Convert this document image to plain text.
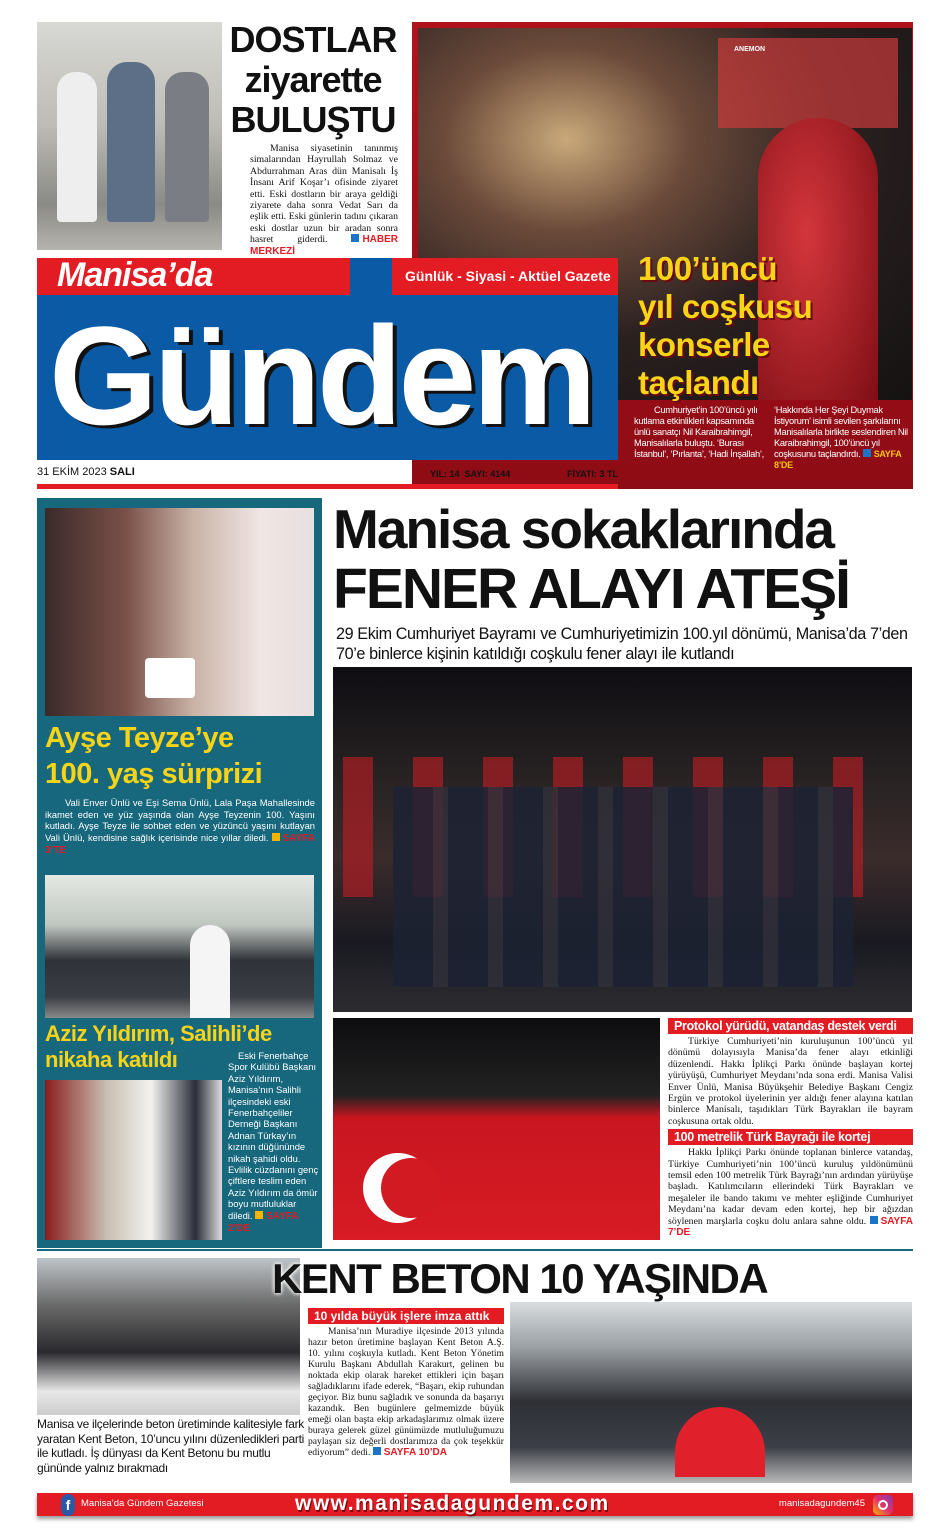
DOSTLAR
ziyarette
BULUŞTU
Manisa siyasetinin tanınmış simalarından Hayrullah Solmaz ve Abdurrahman Aras dün Manisalı İş İnsanı Arif Koşar’ı ofisinde ziyaret etti. Eski dostların bir araya geldiği ziyarete daha sonra Vedat Sarı da eşlik etti. Eski günlerin tadını çıkaran eski dostlar uzun bir aradan sonra hasret giderdi.	HABER MERKEZİ
ANEMON
100’üncü
yıl coşkusu
konserle
taçlandı
Cumhuriyet’in 100’üncü yılı kutlama etkinlikleri kapsamında ünlü sanatçı Nil Karaibrahimgil, Manisalılarla buluştu. ‘Burası İstanbul’, ‘Pırlanta’, ‘Hadi İnşallah’,
‘Hakkında Her Şeyi Duymak İstiyorum’ isimli sevilen şarkılarını Manisalılarla birlikte seslendiren Nil Karaibrahimgil, 100’üncü yıl coşkusunu taçlandırdı. SAYFA 8’DE
Manisa’da	Günlük - Siyasi - Aktüel Gazete
Gündem
31 EKİM 2023 SALI	YIL: 14  SAYI: 4144	FİYATI: 3 TL
Ayşe Teyze’ye
100. yaş sürprizi
Vali Enver Ünlü ve Eşi Sema Ünlü, Lala Paşa Mahallesinde ikamet eden ve yüz yaşında olan Ayşe Teyzenin 100. Yaşını kutladı. Ayşe Teyze ile sohbet eden ve yüzüncü yaşını kutlayan Vali Ünlü, kendisine sağlık içerisinde nice yıllar diledi. SAYFA 3’TE
Aziz Yıldırım, Salihli’de
nikaha katıldı	Eski Fenerbahçe Spor Kulübü Başkanı Aziz Yıldırım, Manisa’nın Salihli ilçesindeki eski Fenerbahçeliler Derneği Başkanı Adnan Türkay’ın kızının düğününde nikah şahidi oldu. Evlilik cüzdanını genç çiftlere teslim eden Aziz Yıldırım da ömür boyu mutluluklar diledi. SAYFA 2’DE
Manisa sokaklarında
FENER ALAYI ATEŞİ
29 Ekim Cumhuriyet Bayramı ve Cumhuriyetimizin 100.yıl dönümü, Manisa’da 7’den 70’e binlerce kişinin katıldığı coşkulu fener alayı ile kutlandı
Protokol yürüdü, vatandaş destek verdi
Türkiye Cumhuriyeti’nin kuruluşunun 100’üncü yıl dönümü dolayısıyla Manisa’da fener alayı etkinliği düzenlendi. Hakkı İplikçi Parkı önünde başlayan kortej yürüyüşü, Cumhuriyet Meydanı’nda sona erdi. Manisa Valisi Enver Ünlü, Manisa Büyükşehir Belediye Başkanı Cengiz Ergün ve protokol üyelerinin yer aldığı fener alayına katılan binlerce Manisalı, taşıdıkları Türk Bayrakları ile bayram coşkusuna ortak oldu.
100 metrelik Türk Bayrağı ile kortej
Hakkı İplikçi Parkı önünde toplanan binlerce vatandaş, Türkiye Cumhuriyeti’nin 100’üncü kuruluş yıldönümünü temsil eden 100 metrelik Türk Bayrağı’nın ardından yürüyüşe başladı. Katılımcıların ellerindeki Türk Bayrakları ve meşaleler ile bando takımı ve mehter eşliğinde Cumhuriyet Meydanı’na kadar devam eden kortej, hep bir ağızdan söylenen marşlarla coşku dolu anlara sahne oldu. SAYFA 7’DE
KENT BETON 10 YAŞINDA
10 yılda büyük işlere imza attık
Manisa’nın Muradiye ilçesinde 2013 yılında hazır beton üretimine başlayan Kent Beton A.Ş. 10. yılını coşkuyla kutladı. Kent Beton Yönetim Kurulu Başkanı Abdullah Karakurt, gelinen bu noktada ekip olarak hareket ettikleri için başarı sağladıklarını ifade ederek, “Başarı, ekip ruhundan geçiyor. Biz bunu sağladık ve sonunda da başarıyı kazandık. Ben bugünlere gelmemizde büyük emeği olan başta ekip arkadaşlarımız olmak üzere buraya gelerek güzel günümüzde mutluluğumuzu paylaşan siz değerli dostlarımıza da çok teşekkür ediyorum” dedi. SAYFA 10’DA
Manisa ve ilçelerinde beton üretiminde kalitesiyle fark yaratan Kent Beton, 10’uncu yılını düzenledikleri parti ile kutladı. İş dünyası da Kent Betonu bu mutlu gününde yalnız bırakmadı
f	Manisa’da Gündem Gazetesi	www.manisadagundem.com	manisadagundem45
